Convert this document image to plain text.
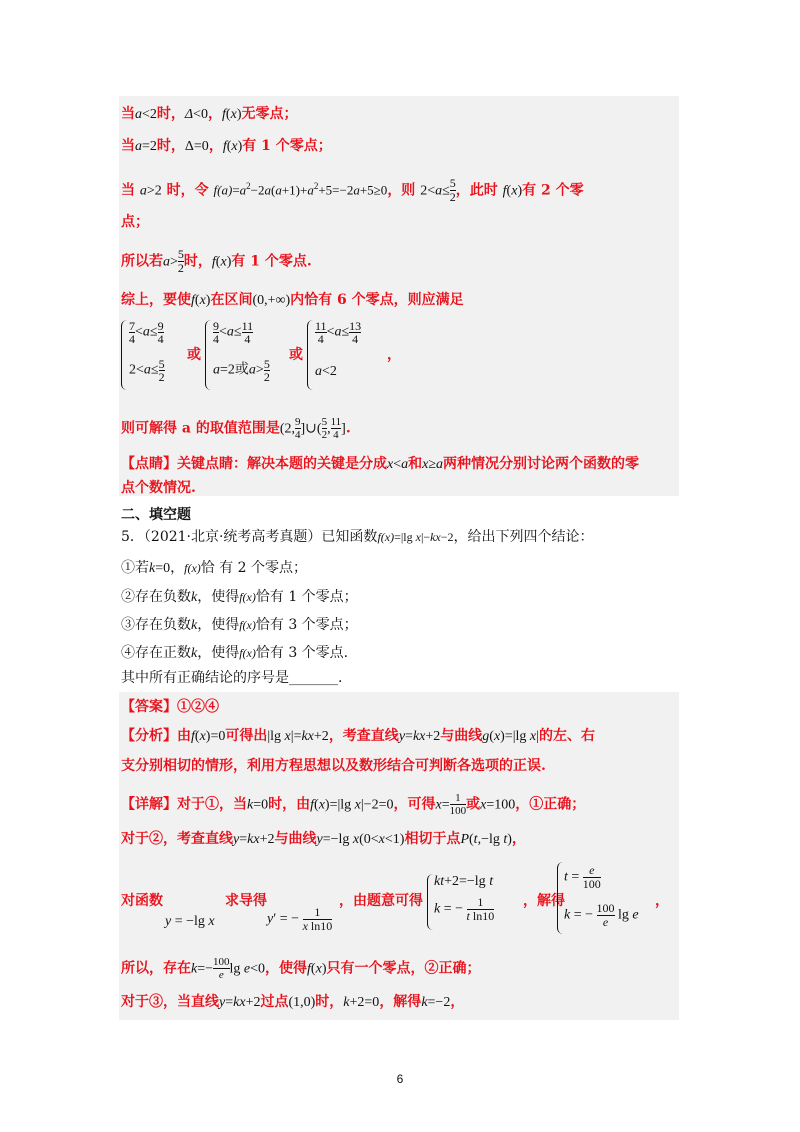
当a<2时，Δ<0，f(x)无零点；
当a=2时，Δ=0，f(x)有 1 个零点；
当 a>2 时，令 $f(a)=a^2-2a(a+1)+a^2+5=-2a+5\ge 0$，则 $2<a\le \frac{5}{2}$ ，此时 f(x)有 2 个零
点；
所以若$a> \frac{5}{2}$ 时，f(x)有 1 个零点.
综上，要使f(x)在区间(0,+∞)内恰有 6 个零点，则应满足
$\frac{7}{4} <a\le \frac{9}{4}$
$2<a\le \frac{5}{2}$
或
$\frac{9}{4} <a\le \frac{11}{4}$
a=2或$a> \frac{5}{2}$
或
$\frac{11}{4} <a\le \frac{13}{4}$
a<2
，
则可解得 a 的取值范围是(2, $\frac{9}{4}$ ]∪( $\frac{5}{2}$ , $\frac{11}{4}$ ].
【点睛】关键点睛：解决本题的关键是分成x<a和x≥a两种情况分别讨论两个函数的零
点个数情况.
二、填空题
5．（2021·北京·统考高考真题）已知函数f(x)=|lg x|−kx−2，给出下列四个结论：
①若k=0，f(x)恰 有 2 个零点；
②存在负数k，使得f(x)恰有 1 个零点；
③存在负数k，使得f(x)恰有 3 个零点；
④存在正数k，使得f(x)恰有 3 个零点.
其中所有正确结论的序号是_______.
【答案】①②④
【分析】由f(x)=0可得出|lg x|=kx+2，考查直线y=kx+2与曲线g(x)=|lg x|的左、右
支分别相切的情形，利用方程思想以及数形结合可判断各选项的正误.
【详解】对于①，当k=0时，由f(x)=|lg x|−2=0，可得$x= \frac{1}{100}$ 或x=100，①正确；
对于②，考查直线y=kx+2与曲线y=−lg x(0<x<1)相切于点P(t,−lg t)，
对函数
y = −lg x
求导得
y′ = − $\frac{1}{\text{x ln10}}$
，由题意可得
kt+2=−lg t
k = − $\frac{1}{\text{t ln10}}$ ，解得
$t = \frac{e}{100}$
k = − $\frac{100}{e}$ lg e
，
所以，存在$k=- \frac{100}{e}$ lg e<0，使得f(x)只有一个零点，②正确；
对于③，当直线y=kx+2过点(1,0)时，k+2=0，解得k=−2，
6
